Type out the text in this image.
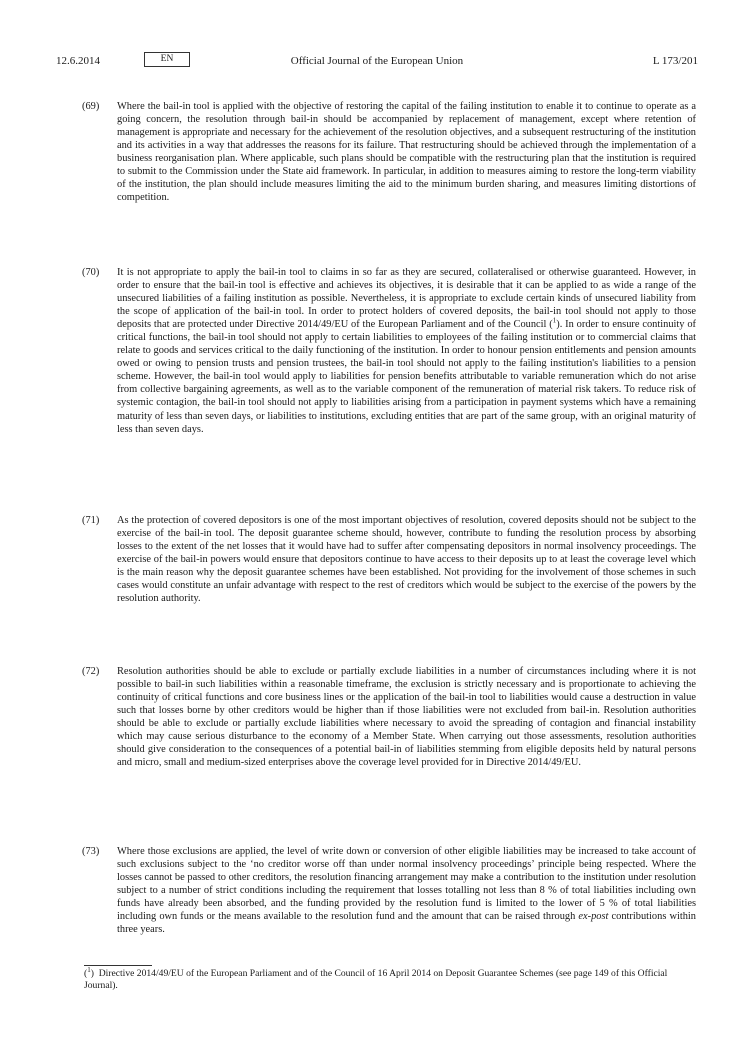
12.6.2014	EN	Official Journal of the European Union	L 173/201
(69)	Where the bail-in tool is applied with the objective of restoring the capital of the failing institution to enable it to continue to operate as a going concern, the resolution through bail-in should be accompanied by replacement of management, except where retention of management is appropriate and necessary for the achievement of the resolution objectives, and a subsequent restructuring of the institution and its activities in a way that addresses the reasons for its failure. That restructuring should be achieved through the implementation of a business reorganisation plan. Where applicable, such plans should be compatible with the restructuring plan that the institution is required to submit to the Commission under the State aid framework. In particular, in addition to measures aiming to restore the long-term viability of the institution, the plan should include measures limiting the aid to the minimum burden sharing, and measures limiting distortions of competition.
(70)	It is not appropriate to apply the bail-in tool to claims in so far as they are secured, collateralised or otherwise guaranteed. However, in order to ensure that the bail-in tool is effective and achieves its objectives, it is desirable that it can be applied to as wide a range of the unsecured liabilities of a failing institution as possible. Nevertheless, it is appropriate to exclude certain kinds of unsecured liability from the scope of application of the bail-in tool. In order to protect holders of covered deposits, the bail-in tool should not apply to those deposits that are protected under Directive 2014/49/EU of the European Parliament and of the Council ($^1$). In order to ensure continuity of critical functions, the bail-in tool should not apply to certain liabilities to employees of the failing institution or to commercial claims that relate to goods and services critical to the daily functioning of the institution. In order to honour pension entitlements and pension amounts owed or owing to pension trusts and pension trustees, the bail-in tool should not apply to the failing institution's liabilities to a pension scheme. However, the bail-in tool would apply to liabilities for pension benefits attributable to variable remuneration which do not arise from collective bargaining agreements, as well as to the variable component of the remuneration of material risk takers. To reduce risk of systemic contagion, the bail-in tool should not apply to liabilities arising from a participation in payment systems which have a remaining maturity of less than seven days, or liabilities to institutions, excluding entities that are part of the same group, with an original maturity of less than seven days.
(71)	As the protection of covered depositors is one of the most important objectives of resolution, covered deposits should not be subject to the exercise of the bail-in tool. The deposit guarantee scheme should, however, contribute to funding the resolution process by absorbing losses to the extent of the net losses that it would have had to suffer after compensating depositors in normal insolvency proceedings. The exercise of the bail-in powers would ensure that depositors continue to have access to their deposits up to at least the coverage level which is the main reason why the deposit guarantee schemes have been established. Not providing for the involvement of those schemes in such cases would constitute an unfair advantage with respect to the rest of creditors which would be subject to the exercise of the powers by the resolution authority.
(72)	Resolution authorities should be able to exclude or partially exclude liabilities in a number of circumstances including where it is not possible to bail-in such liabilities within a reasonable timeframe, the exclusion is strictly necessary and is proportionate to achieving the continuity of critical functions and core business lines or the application of the bail-in tool to liabilities would cause a destruction in value such that losses borne by other creditors would be higher than if those liabilities were not excluded from bail-in. Resolution authorities should be able to exclude or partially exclude liabilities where necessary to avoid the spreading of contagion and financial instability which may cause serious disturbance to the economy of a Member State. When carrying out those assessments, resolution authorities should give consideration to the consequences of a potential bail-in of liabilities stemming from eligible deposits held by natural persons and micro, small and medium-sized enterprises above the coverage level provided for in Directive 2014/49/EU.
(73)	Where those exclusions are applied, the level of write down or conversion of other eligible liabilities may be increased to take account of such exclusions subject to the ‘no creditor worse off than under normal insolvency proceedings’ principle being respected. Where the losses cannot be passed to other creditors, the resolution financing arrangement may make a contribution to the institution under resolution subject to a number of strict conditions including the requirement that losses totalling not less than 8 % of total liabilities including own funds have already been absorbed, and the funding provided by the resolution fund is limited to the lower of 5 % of total liabilities including own funds or the means available to the resolution fund and the amount that can be raised through ex-post contributions within three years.
($^1$)  Directive 2014/49/EU of the European Parliament and of the Council of 16 April 2014 on Deposit Guarantee Schemes (see page 149 of this Official Journal).
